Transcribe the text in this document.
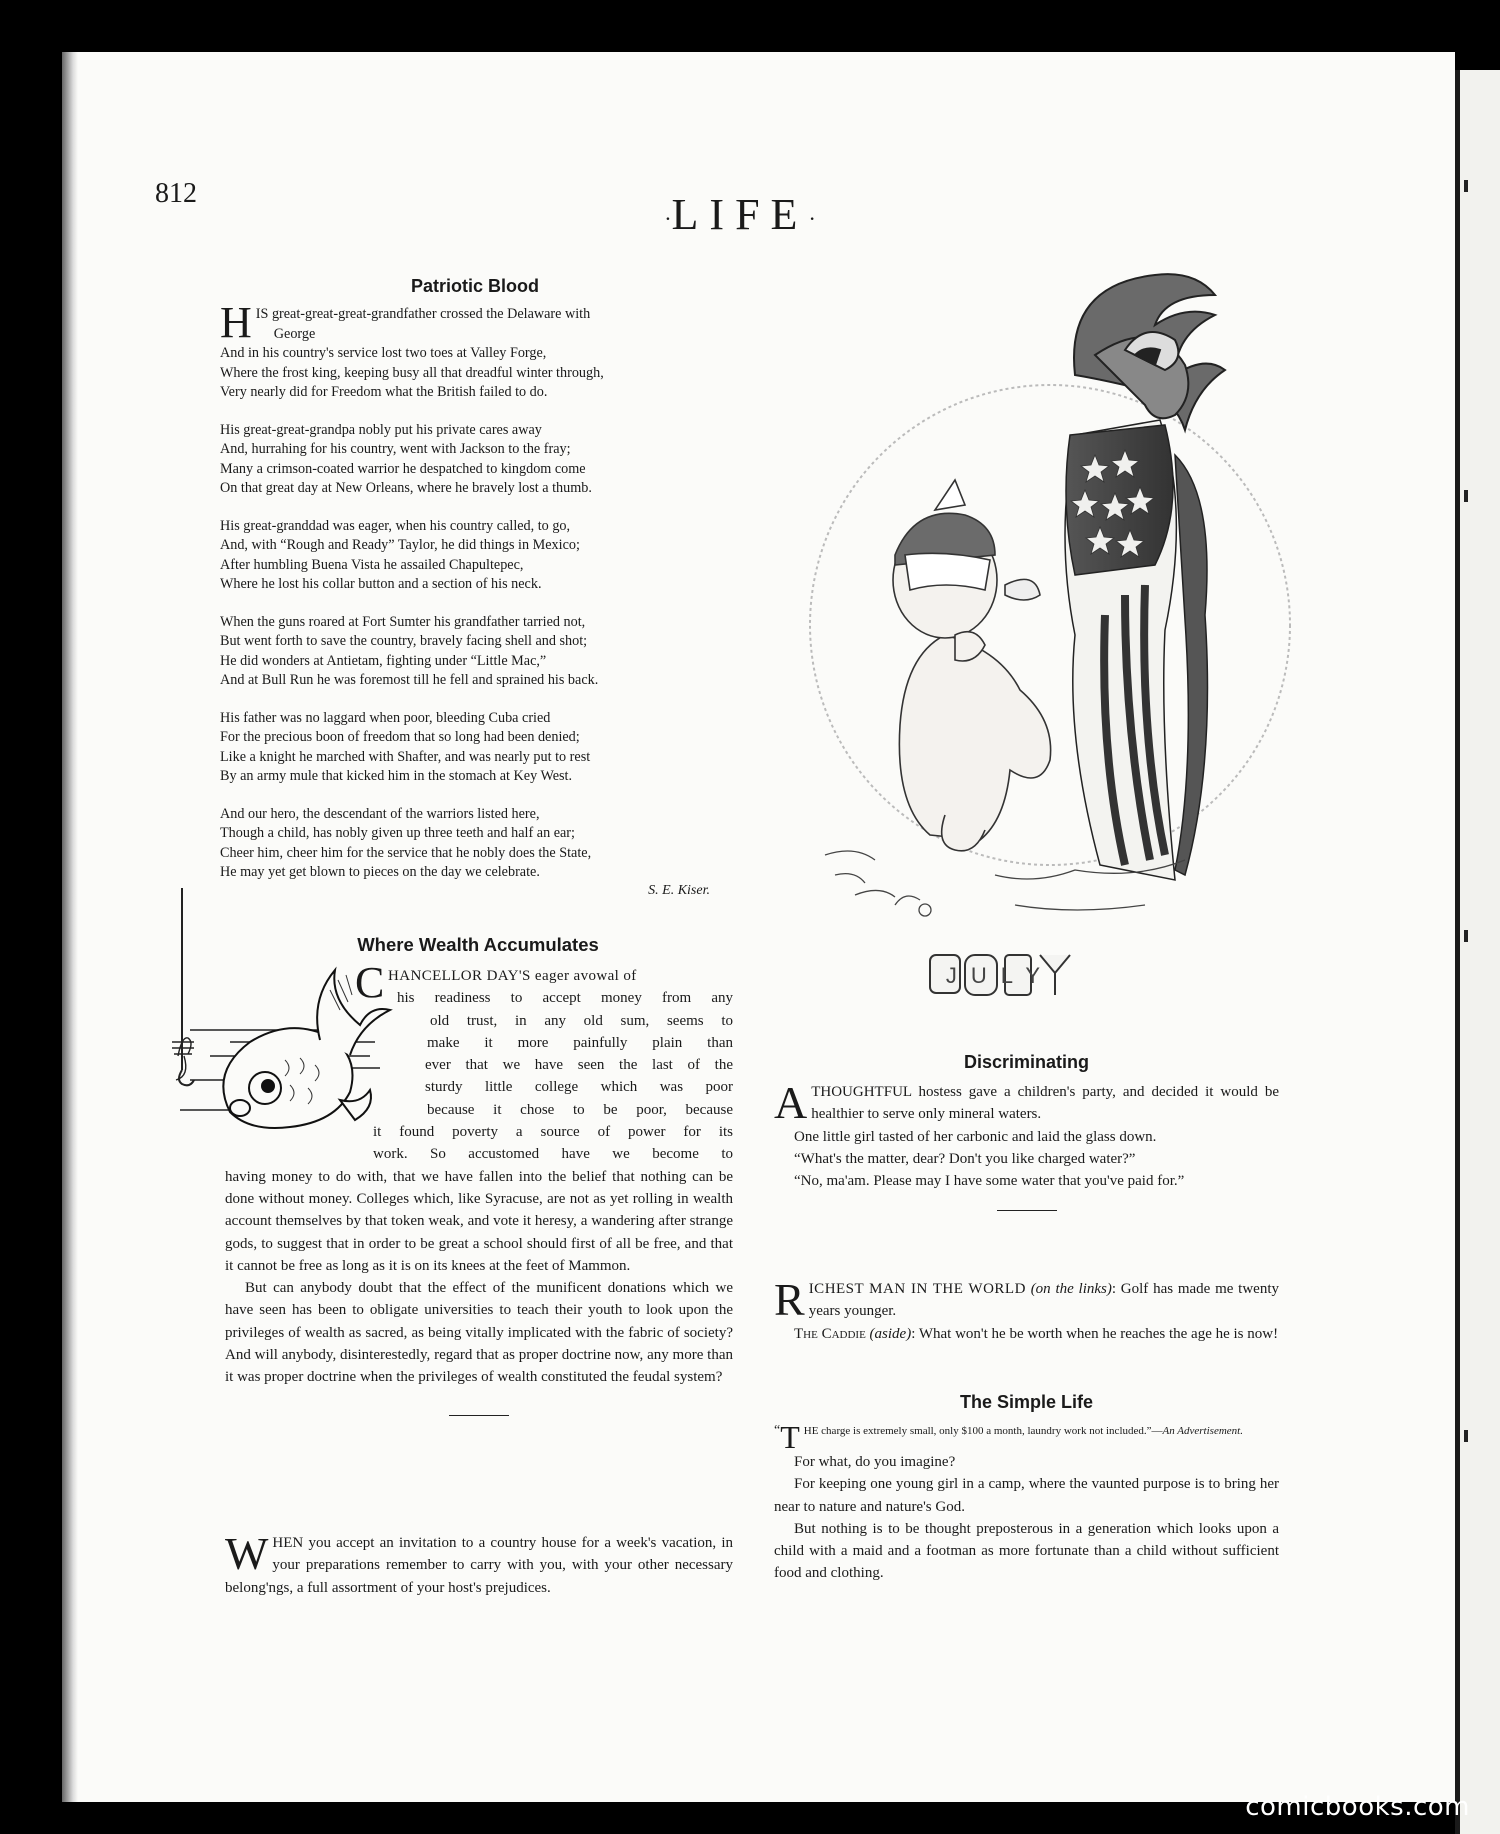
812
·LIFE·
Patriotic Blood
H IS great-great-great-grandfather crossed the Delaware with
George

And in his country's service lost two toes at Valley Forge,

Where the frost king, keeping busy all that dreadful winter through,

Very nearly did for Freedom what the British failed to do.

His great-great-grandpa nobly put his private cares away

And, hurrahing for his country, went with Jackson to the fray;

Many a crimson-coated warrior he despatched to kingdom come

On that great day at New Orleans, where he bravely lost a thumb.

His great-granddad was eager, when his country called, to go,

And, with “Rough and Ready” Taylor, he did things in Mexico;

After humbling Buena Vista he assailed Chapultepec,

Where he lost his collar button and a section of his neck.

When the guns roared at Fort Sumter his grandfather tarried not,

But went forth to save the country, bravely facing shell and shot;

He did wonders at Antietam, fighting under “Little Mac,”

And at Bull Run he was foremost till he fell and sprained his back.

His father was no laggard when poor, bleeding Cuba cried

For the precious boon of freedom that so long had been denied;

Like a knight he marched with Shafter, and was nearly put to rest

By an army mule that kicked him in the stomach at Key West.

And our hero, the descendant of the warriors listed here,

Though a child, has nobly given up three teeth and half an ear;

Cheer him, cheer him for the service that he nobly does the State,

He may yet get blown to pieces on the day we celebrate.

S. E. Kiser.
Where Wealth Accumulates
C HANCELLOR DAY'S eager avowal of
his readiness to accept money from any
old trust, in any old sum, seems to
make it more painfully plain than
ever that we have seen the last of the
sturdy little college which was poor
because it chose to be poor, because
it found poverty a source of power for its
work. So accustomed have we become to

having money to do with, that we have fallen into the belief that nothing can be done without money. Colleges which, like Syracuse, are not as yet rolling in wealth account themselves by that token weak, and vote it heresy, a wandering after strange gods, to suggest that in order to be great a school should first of all be free, and that it cannot be free as long as it is on its knees at the feet of Mammon.

But can anybody doubt that the effect of the munificent donations which we have seen has been to obligate universities to teach their youth to look upon the privileges of wealth as sacred, as being vitally implicated with the fabric of society? And will anybody, disinterestedly, regard that as proper doctrine now, any more than it was proper doctrine when the privileges of wealth constituted the feudal system?

WHEN you accept an invitation to a country house for a week's vacation, in your preparations remember to carry with you, with your other necessary belong'ngs, a full assortment of your host's prejudices.

JULY
Discriminating

ATHOUGHTFUL hostess gave a children's party, and decided it would be healthier to serve only mineral waters.

One little girl tasted of her carbonic and laid the glass down.

“What's the matter, dear? Don't you like charged water?”

“No, ma'am. Please may I have some water that you've paid for.”

RICHEST MAN IN THE WORLD (on the links): Golf has made me twenty years younger.

The Caddie (aside): What won't he be worth when he reaches the age he is now!

The Simple Life

“ T HE charge is extremely small, only $100 a month, laundry work not included.”—An Advertisement.

For what, do you imagine?

For keeping one young girl in a camp, where the vaunted purpose is to bring her near to nature and nature's God.

But nothing is to be thought preposterous in a generation which looks upon a child with a maid and a footman as more fortunate than a child without sufficient food and clothing.

comicbooks.com
